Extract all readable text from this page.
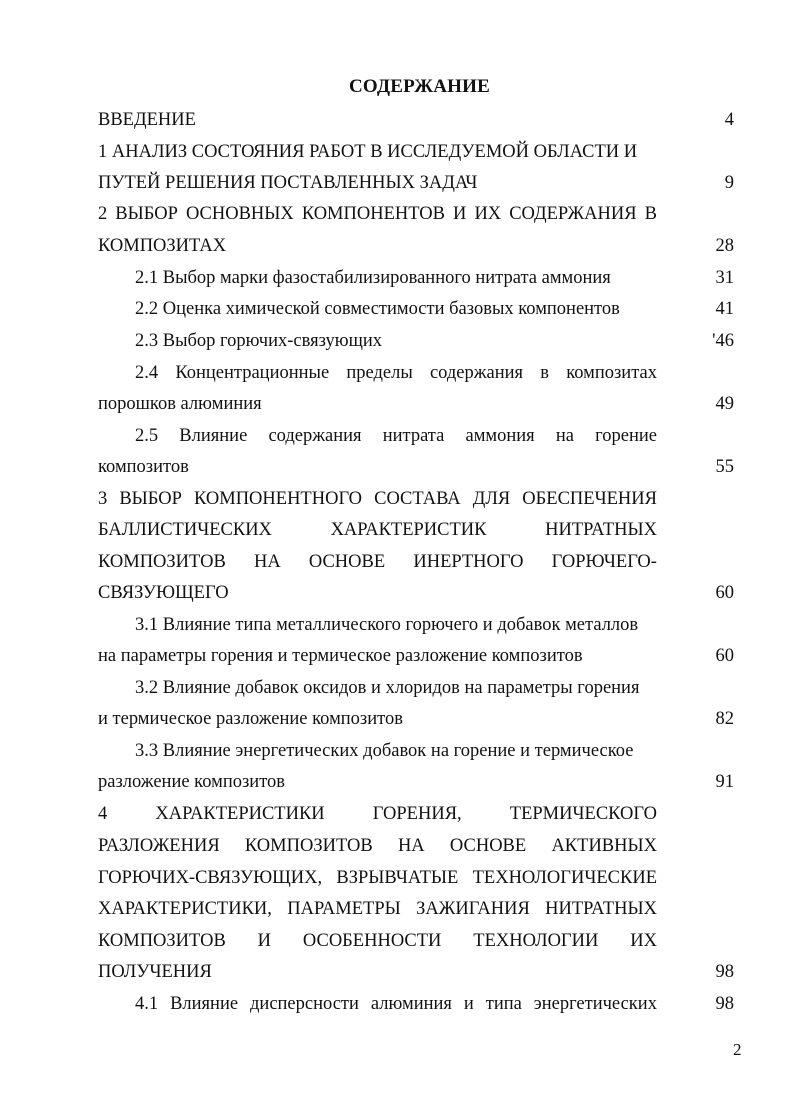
СОДЕРЖАНИЕ
ВВЕДЕНИЕ	4
1 АНАЛИЗ СОСТОЯНИЯ РАБОТ В ИССЛЕДУЕМОЙ ОБЛАСТИ И
ПУТЕЙ РЕШЕНИЯ ПОСТАВЛЕННЫХ ЗАДАЧ	9
2 ВЫБОР ОСНОВНЫХ КОМПОНЕНТОВ И ИХ СОДЕРЖАНИЯ В
КОМПОЗИТАХ	28
2.1 Выбор марки фазостабилизированного нитрата аммония	31
2.2 Оценка химической совместимости базовых компонентов	41
2.3 Выбор горючих-связующих	'46
2.4 Концентрационные пределы содержания в композитах
порошков алюминия	49
2.5 Влияние содержания нитрата аммония на горение
композитов	55
3 ВЫБОР КОМПОНЕНТНОГО СОСТАВА ДЛЯ ОБЕСПЕЧЕНИЯ
БАЛЛИСТИЧЕСКИХ	ХАРАКТЕРИСТИК	НИТРАТНЫХ
КОМПОЗИТОВ НА ОСНОВЕ ИНЕРТНОГО ГОРЮЧЕГО-
СВЯЗУЮЩЕГО	60
3.1 Влияние типа металлического горючего и добавок металлов
на параметры горения и термическое разложение композитов	60
3.2 Влияние добавок оксидов и хлоридов на параметры горения
и термическое разложение композитов	82
3.3 Влияние энергетических добавок на горение и термическое
разложение композитов	91
4	ХАРАКТЕРИСТИКИ	ГОРЕНИЯ,	ТЕРМИЧЕСКОГО
РАЗЛОЖЕНИЯ КОМПОЗИТОВ НА ОСНОВЕ АКТИВНЫХ
ГОРЮЧИХ-СВЯЗУЮЩИХ, ВЗРЫВЧАТЫЕ ТЕХНОЛОГИЧЕСКИЕ
ХАРАКТЕРИСТИКИ, ПАРАМЕТРЫ ЗАЖИГАНИЯ НИТРАТНЫХ
КОМПОЗИТОВ И ОСОБЕННОСТИ ТЕХНОЛОГИИ ИХ
ПОЛУЧЕНИЯ	98
4.1 Влияние дисперсности алюминия и типа энергетических	98
2
